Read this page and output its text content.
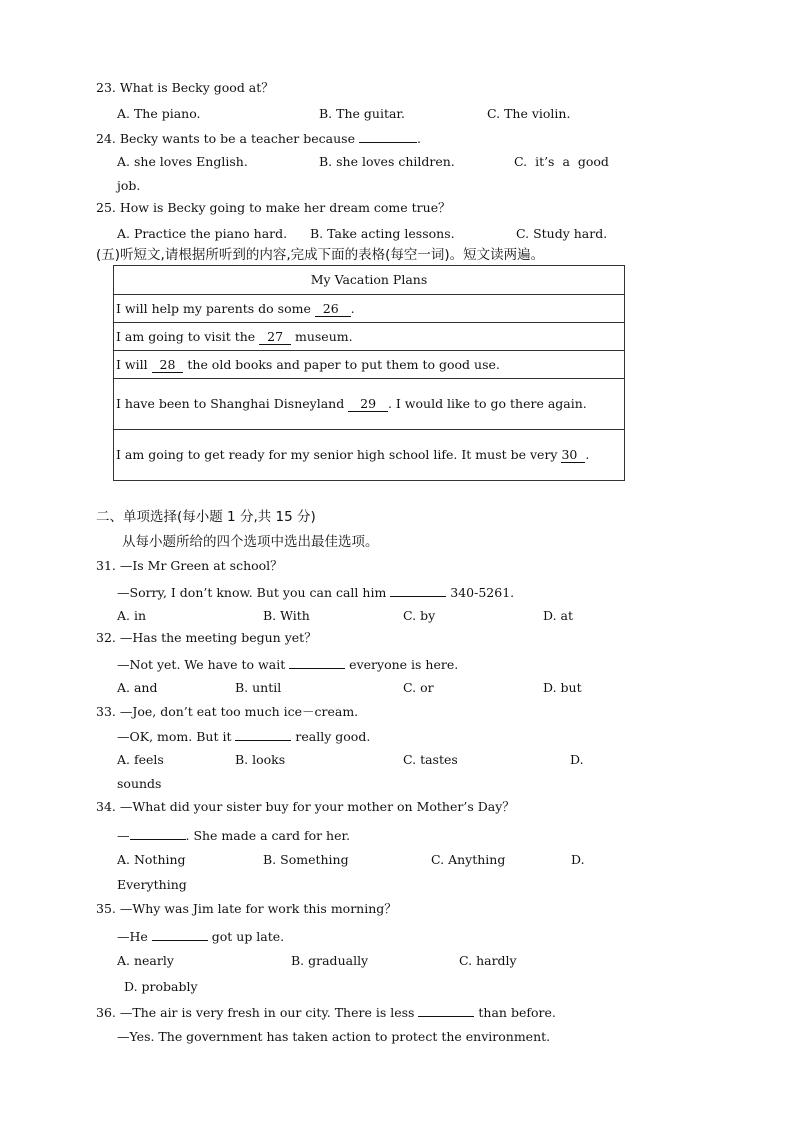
23. What is Becky good at？
A. The piano.	B. The guitar.	C. The violin.
24. Becky wants to be a teacher because	.
A. she loves English.	B. she loves children.	C. it’s a good
job.
25. How is Becky going to make her dream come true？
A. Practice the piano hard. B. Take acting lessons.	C. Study hard.
(五)听短文,请根据所听到的内容,完成下面的表格(每空一词)。短文读两遍。
My Vacation Plans
I will help my parents do some   26 .
I am going to visit the   27   museum.
I will   28   the old books and paper to put them to good use.
I have been to Shanghai Disneyland    29 . I would like to go there again.
I am going to get ready for my senior high school life. It must be very 30 .
二、单项选择(每小题 1 分,共 15 分)
从每小题所给的四个选项中选出最佳选项。
31. —Is Mr Green at school？
—Sorry, I don’t know. But you can call him	340-5261.
A. in	B. With	C. by	D. at
32. —Has the meeting begun yet？
—Not yet. We have to wait	everyone is here.
A. and	B. until	C. or	D. but
33. —Joe, don’t eat too much ice－cream.
—OK, mom. But it	really good.
A. feels	B. looks	C. tastes	D.
sounds
34. —What did your sister buy for your mother on Mother’s Day？
—	. She made a card for her.
A. Nothing	B. Something	C. Anything	D.
Everything
35. —Why was Jim late for work this morning？
—He	got up late.
A. nearly	B. gradually	C. hardly
D. probably
36. —The air is very fresh in our city. There is less	than before.
—Yes. The government has taken action to protect the environment.
